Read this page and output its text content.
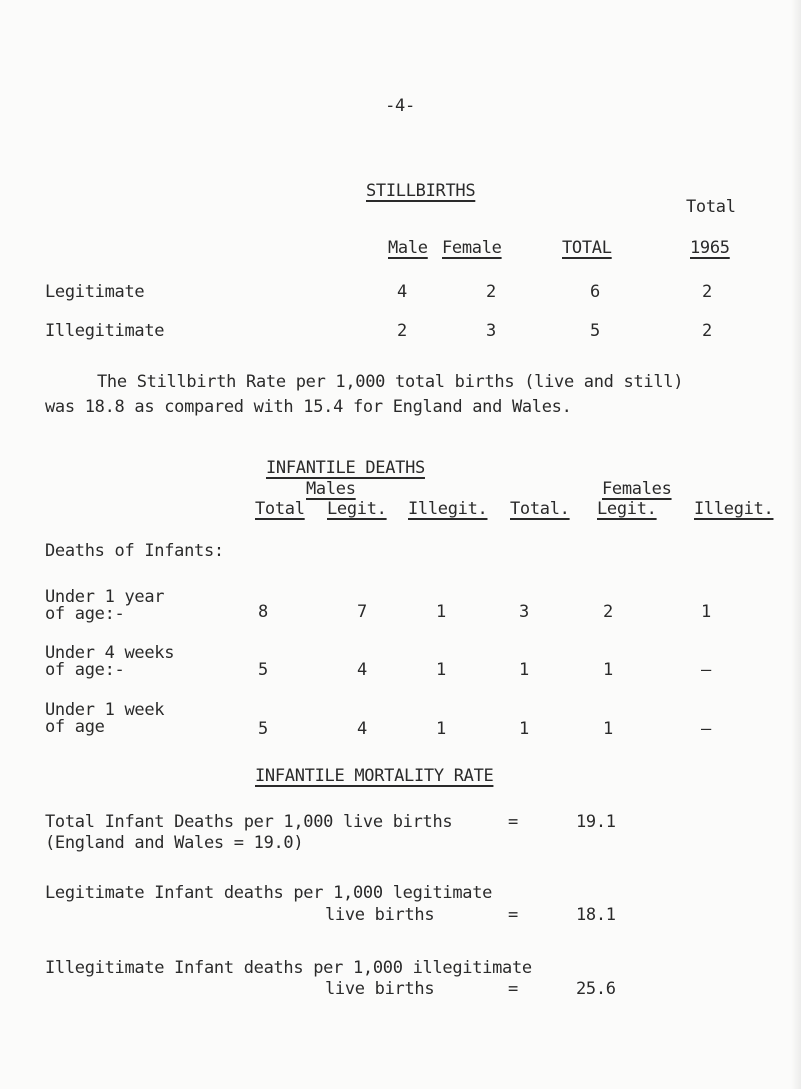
-4-
STILLBIRTHS
Total
Male Female	TOTAL	1965
Legitimate	4	2	6	2
Illegitimate	2	3	5	2
The Stillbirth Rate per 1,000 total births (live and still)
was 18.8 as compared with 15.4 for England and Wales.
INFANTILE DEATHS
Males	Females
Total Legit. Illegit. Total. Legit. Illegit.
Deaths of Infants:
Under 1 year
of age:-	8	7	1	3	2	1
Under 4 weeks
of age:-	5	4	1	1	1	–
Under 1 week
of age	5	4	1	1	1	–
INFANTILE MORTALITY RATE
Total Infant Deaths per 1,000 live births
(England and Wales = 19.0)
=	19.1
Legitimate Infant deaths per 1,000 legitimate
live births	=	18.1
Illegitimate Infant deaths per 1,000 illegitimate
live births	=	25.6
